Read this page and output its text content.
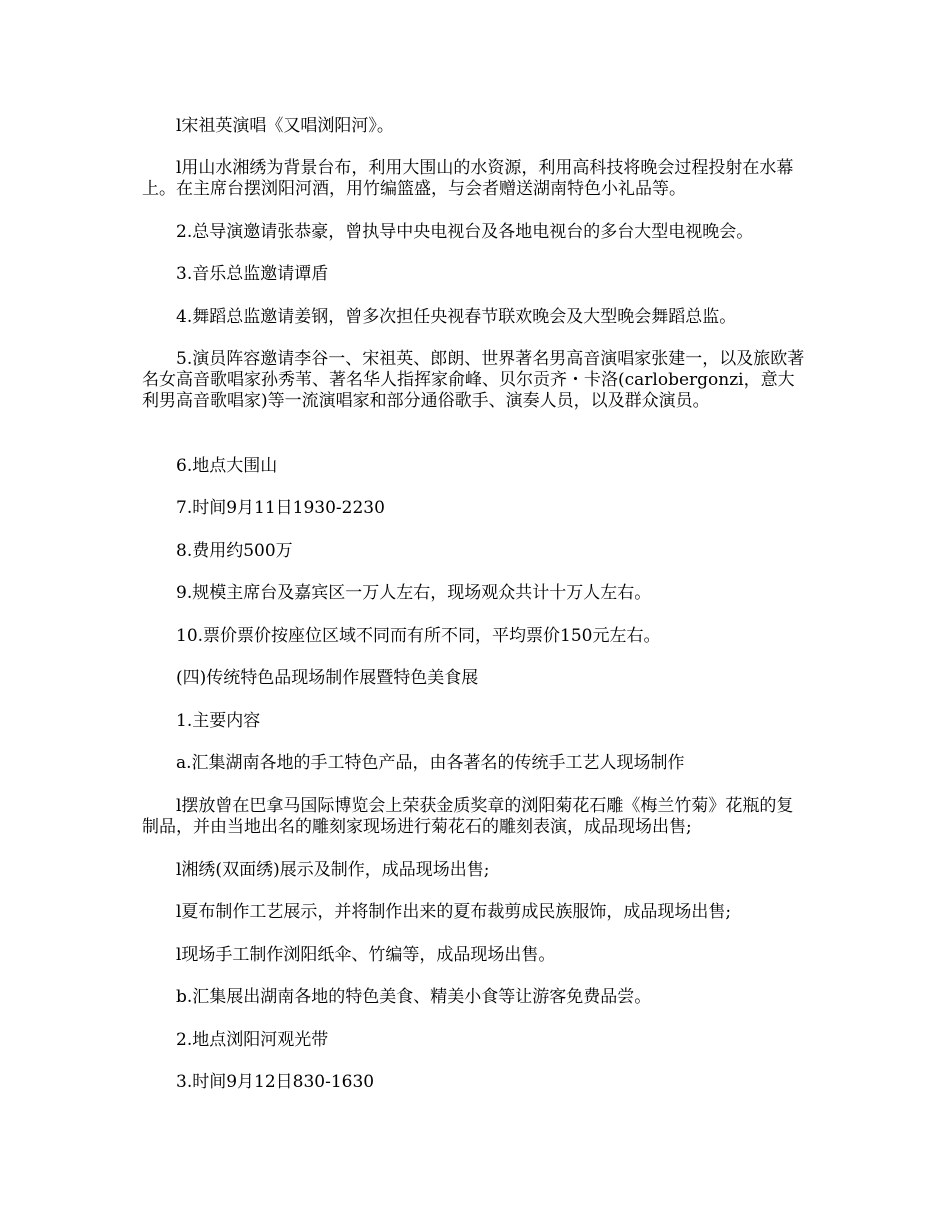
l宋祖英演唱《又唱浏阳河》。

l用山水湘绣为背景台布，利用大围山的水资源，利用高科技将晚会过程投射在水幕上。在主席台摆浏阳河酒，用竹编篮盛，与会者赠送湖南特色小礼品等。

2.总导演邀请张恭豪，曾执导中央电视台及各地电视台的多台大型电视晚会。

3.音乐总监邀请谭盾

4.舞蹈总监邀请姜钢，曾多次担任央视春节联欢晚会及大型晚会舞蹈总监。

5.演员阵容邀请李谷一、宋祖英、郎朗、世界著名男高音演唱家张建一，以及旅欧著名女高音歌唱家孙秀苇、著名华人指挥家俞峰、贝尔贡齐・卡洛(carlobergonzi，意大利男高音歌唱家)等一流演唱家和部分通俗歌手、演奏人员，以及群众演员。

6.地点大围山

7.时间9月11日1930-2230

8.费用约500万

9.规模主席台及嘉宾区一万人左右，现场观众共计十万人左右。

10.票价票价按座位区域不同而有所不同，平均票价150元左右。

(四)传统特色品现场制作展暨特色美食展

1.主要内容

a.汇集湖南各地的手工特色产品，由各著名的传统手工艺人现场制作

l摆放曾在巴拿马国际博览会上荣获金质奖章的浏阳菊花石雕《梅兰竹菊》花瓶的复制品，并由当地出名的雕刻家现场进行菊花石的雕刻表演，成品现场出售;

l湘绣(双面绣)展示及制作，成品现场出售;

l夏布制作工艺展示，并将制作出来的夏布裁剪成民族服饰，成品现场出售;

l现场手工制作浏阳纸伞、竹编等，成品现场出售。

b.汇集展出湖南各地的特色美食、精美小食等让游客免费品尝。

2.地点浏阳河观光带

3.时间9月12日830-1630
